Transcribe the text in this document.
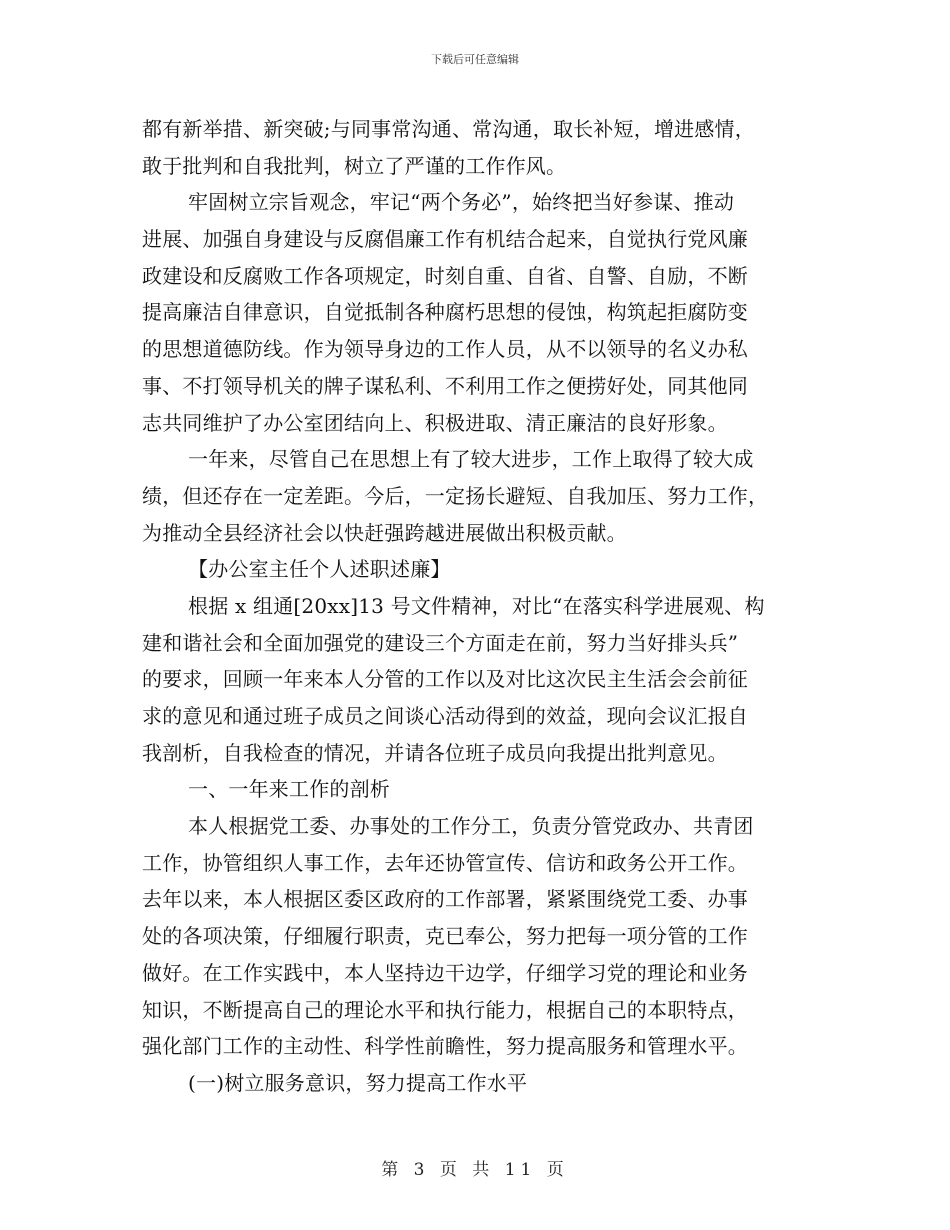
下载后可任意编辑
都有新举措、新突破;与同事常沟通、常沟通，取长补短，增进感情，
敢于批判和自我批判，树立了严谨的工作作风。
牢固树立宗旨观念，牢记“两个务必”，始终把当好参谋、推动
进展、加强自身建设与反腐倡廉工作有机结合起来，自觉执行党风廉
政建设和反腐败工作各项规定，时刻自重、自省、自警、自励，不断
提高廉洁自律意识，自觉抵制各种腐朽思想的侵蚀，构筑起拒腐防变
的思想道德防线。作为领导身边的工作人员，从不以领导的名义办私
事、不打领导机关的牌子谋私利、不利用工作之便捞好处，同其他同
志共同维护了办公室团结向上、积极进取、清正廉洁的良好形象。
一年来，尽管自己在思想上有了较大进步，工作上取得了较大成
绩，但还存在一定差距。今后，一定扬长避短、自我加压、努力工作，
为推动全县经济社会以快赶强跨越进展做出积极贡献。
【办公室主任个人述职述廉】
根据 x 组通[20xx]13 号文件精神，对比“在落实科学进展观、构
建和谐社会和全面加强党的建设三个方面走在前，努力当好排头兵”
的要求，回顾一年来本人分管的工作以及对比这次民主生活会会前征
求的意见和通过班子成员之间谈心活动得到的效益，现向会议汇报自
我剖析，自我检查的情况，并请各位班子成员向我提出批判意见。
一、一年来工作的剖析
本人根据党工委、办事处的工作分工，负责分管党政办、共青团
工作，协管组织人事工作，去年还协管宣传、信访和政务公开工作。
去年以来，本人根据区委区政府的工作部署，紧紧围绕党工委、办事
处的各项决策，仔细履行职责，克已奉公，努力把每一项分管的工作
做好。在工作实践中，本人坚持边干边学，仔细学习党的理论和业务
知识，不断提高自己的理论水平和执行能力，根据自己的本职特点，
强化部门工作的主动性、科学性前瞻性，努力提高服务和管理水平。
(一)树立服务意识，努力提高工作水平
第 3 页 共 11 页
